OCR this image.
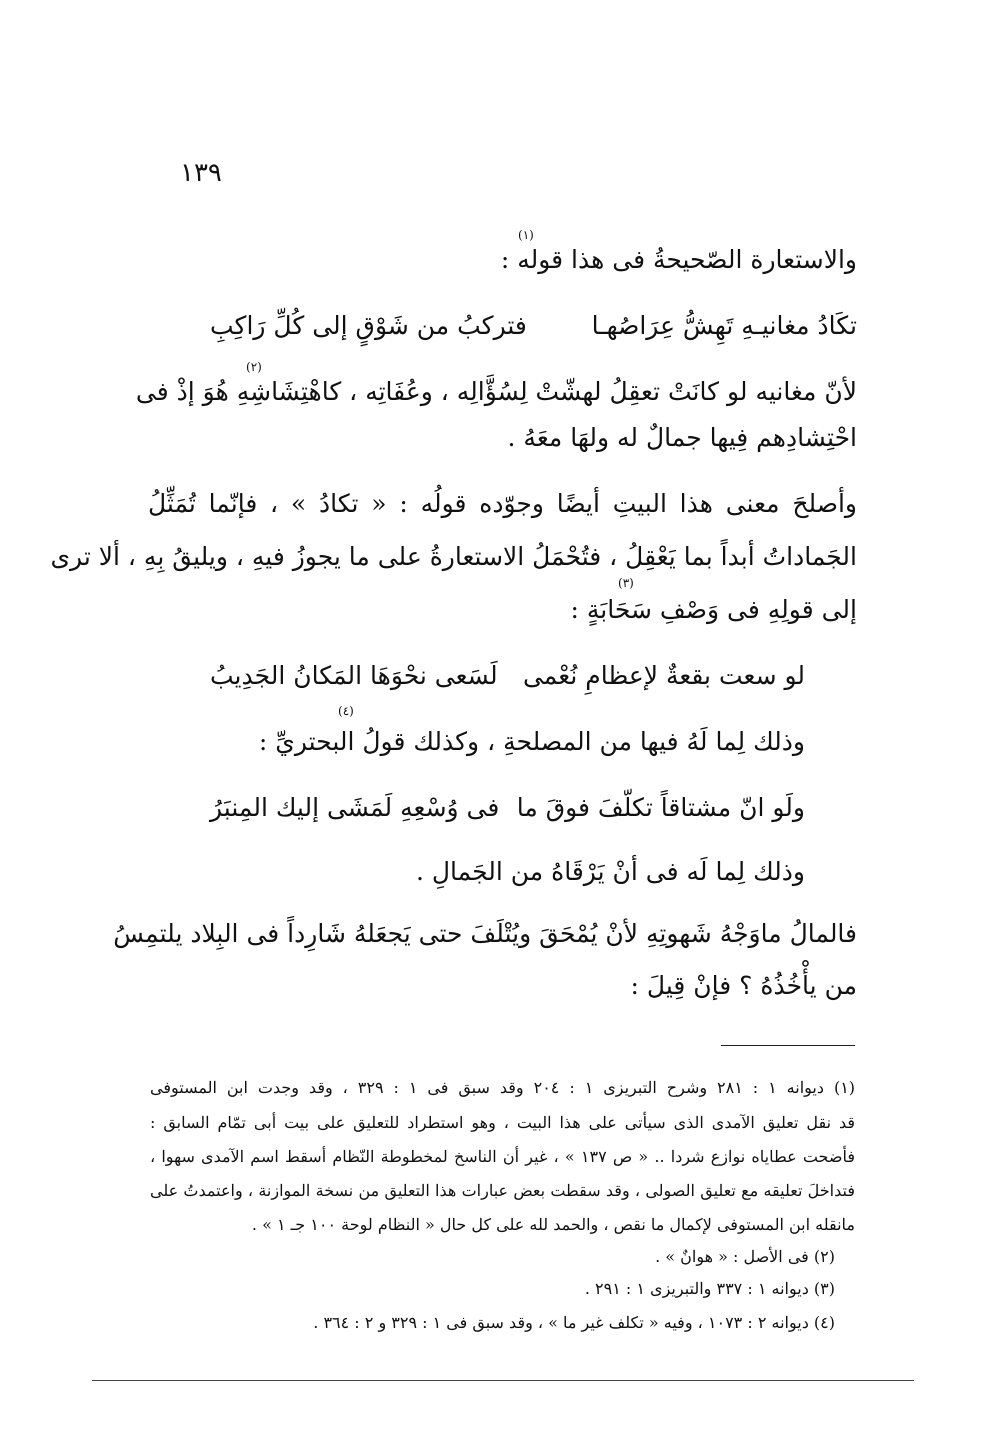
١٣٩
والاستعارة الصّحيحةُ فى هذا قوله :
(١)
تكَادُ مغانيـهِ تَهِشُّ عِرَاصُهـا
فتركبُ من شَوْقٍ إلى كُلِّ رَاكِبِ
لأنّ مغانيه لو كانَتْ تعقِلُ لهشّتْ لِسُؤَّالِه ، وعُفَاتِه ، كاهْتِشَاشِهِ هُوَ إذْ فى
(٢)
احْتِشادِهم فِيها جمالٌ له ولهَا معَهُ .
وأصلحَ معنى هذا البيتِ أيضًا وجوّده قولُه : « تكادُ » ، فإنّما تُمَثِّلُ
الجَماداتُ أبداً بما يَعْقِلُ ، فتُحْمَلُ الاستعارةُ على ما يجوزُ فيهِ ، ويليقُ بِهِ ، ألا ترى
إلى قولِهِ فى وَصْفِ سَحَابَةٍ :
(٣)
لو سعت بقعةٌ لإعظامِ نُعْمى
لَسَعى نحْوَهَا المَكانُ الجَدِيبُ
وذلك لِما لَهُ فيها من المصلحةِ ، وكذلك قولُ البحتريِّ :
(٤)
ولَو انّ مشتاقاً تكلّفَ فوقَ ما
فى وُسْعِهِ لَمَشَى إليك المِنبَرُ
وذلك لِما لَه فى أنْ يَرْقَاهُ من الجَمالِ .
فالمالُ ماوَجْهُ شَهوتِهِ لأنْ يُمْحَقَ ويُتْلَفَ حتى يَجعَلهُ شَارِداً فى البِلاد يلتمِسُ
من يأْخُذُهُ ؟ فإنْ قِيلَ :
(١) ديوانه ١ : ٢٨١ وشرح التبريزى ١ : ٢٠٤ وقد سبق فى ١ : ٣٢٩ ، وقد وجدت ابن المستوفى
قد نقل تعليق الآمدى الذى سيأتى على هذا البيت ، وهو استطراد للتعليق على بيت أبى تمّام السابق :
فأضحت عطاياه نوازع شردا .. « ص ١٣٧ » ، غير أن الناسخ لمخطوطة النّظام أسقط اسم الآمدى سهوا ،
فتداخلَ تعليقه مع تعليق الصولى ، وقد سقطت بعض عبارات هذا التعليق من نسخة الموازنة ، واعتمدتُ على
مانقله ابن المستوفى لإكمال ما نقص ، والحمد لله على كل حال « النظام لوحة ١٠٠ جـ ١ » .
(٢) فى الأصل : « هوانٌ » .
(٣) ديوانه ١ : ٣٣٧ والتبريزى ١ : ٢٩١ .
(٤) ديوانه ٢ : ١٠٧٣ ، وفيه « تكلف غير ما » ، وقد سبق فى ١ : ٣٢٩ و ٢ : ٣٦٤ .
